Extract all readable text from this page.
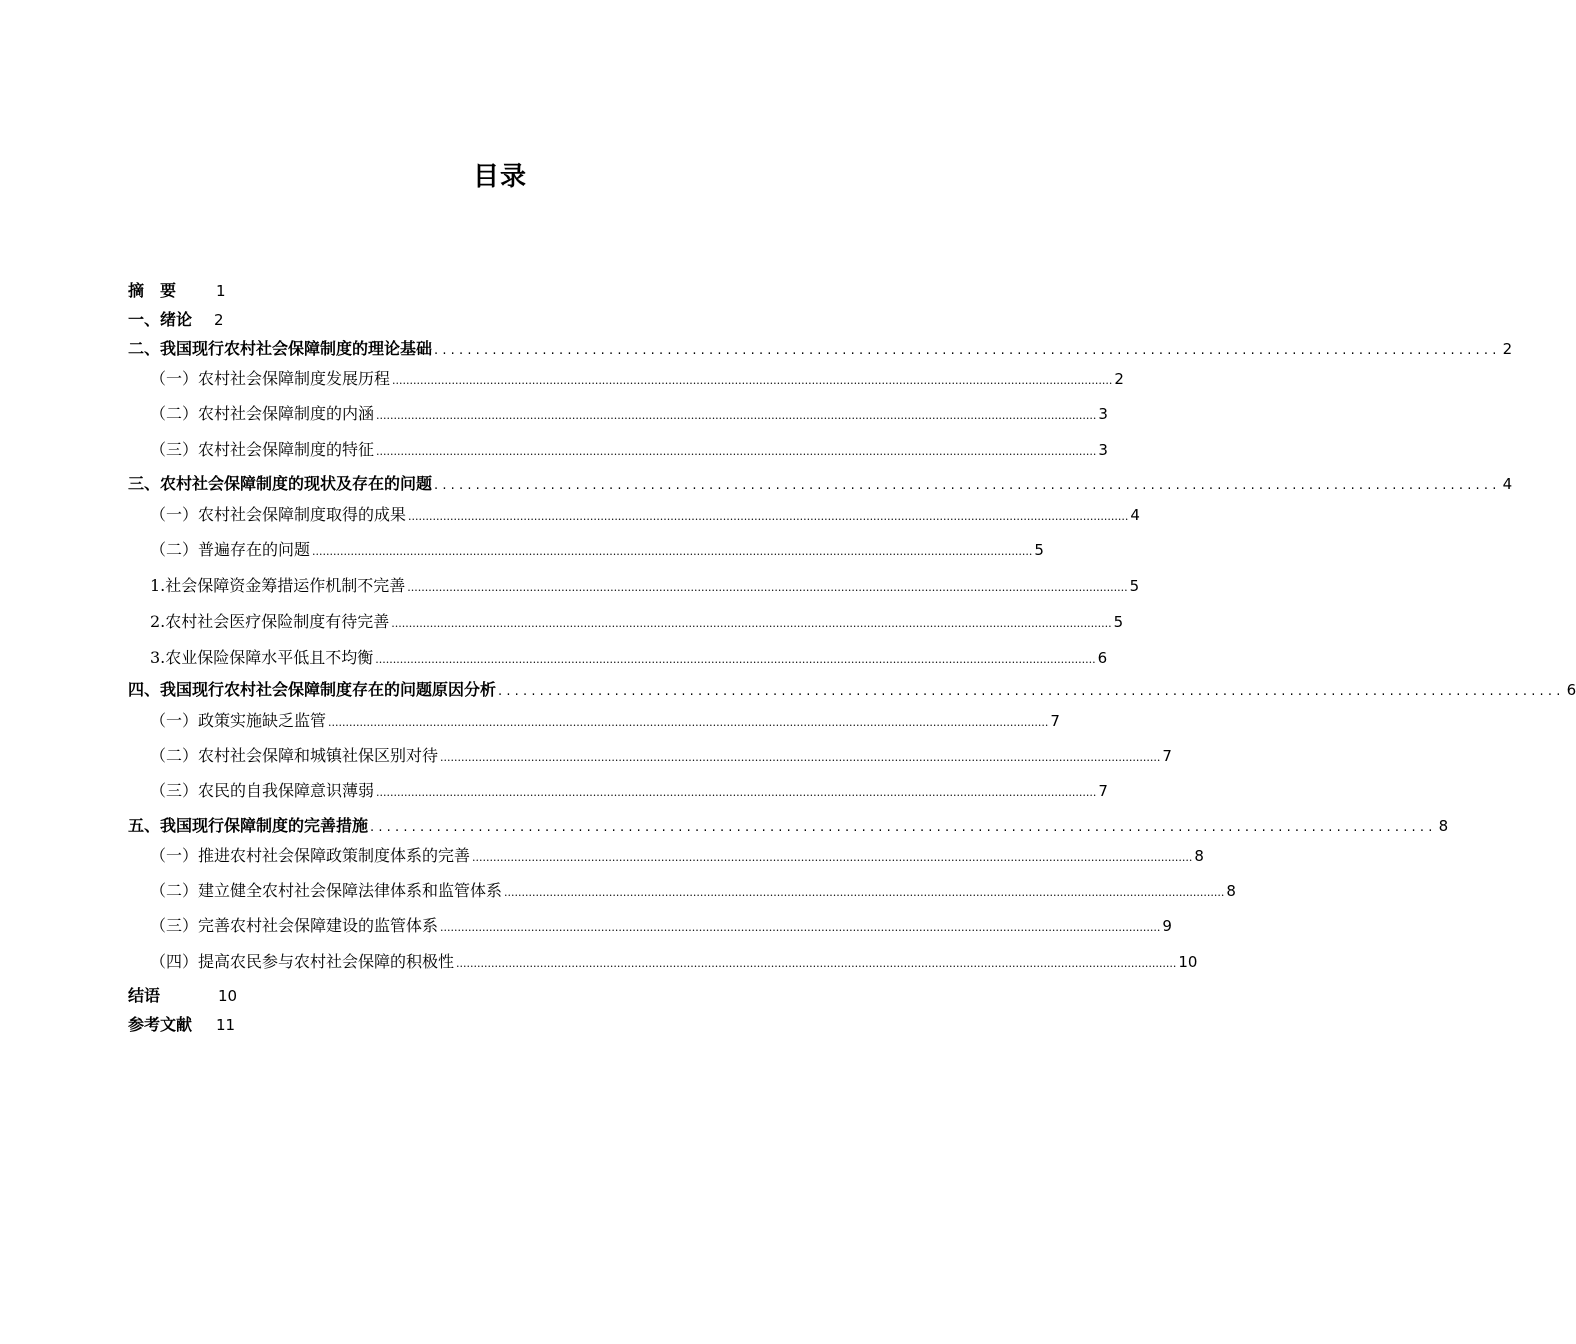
目录
摘　要	1
一、绪论 2
二、我国现行农村社会保障制度的理论基础 ................................................................................................................................ 2
（一）农村社会保障制度发展历程 .............................................................................................................................................................................................................. 2
（二）农村社会保障制度的内涵 .............................................................................................................................................................................................................. 3
（三）农村社会保障制度的特征 .............................................................................................................................................................................................................. 3
三、农村社会保障制度的现状及存在的问题 ................................................................................................................................ 4
（一）农村社会保障制度取得的成果 .............................................................................................................................................................................................................. 4
（二）普遍存在的问题 .............................................................................................................................................................................................................. 5
1.社会保障资金筹措运作机制不完善 .............................................................................................................................................................................................................. 5
2.农村社会医疗保险制度有待完善 .............................................................................................................................................................................................................. 5
3.农业保险保障水平低且不均衡 .............................................................................................................................................................................................................. 6
四、我国现行农村社会保障制度存在的问题原因分析 ................................................................................................................................ 6
（一）政策实施缺乏监管 .............................................................................................................................................................................................................. 7
（二）农村社会保障和城镇社保区别对待 .............................................................................................................................................................................................................. 7
（三）农民的自我保障意识薄弱 .............................................................................................................................................................................................................. 7
五、我国现行保障制度的完善措施 ................................................................................................................................ 8
（一）推进农村社会保障政策制度体系的完善 .............................................................................................................................................................................................................. 8
（二）建立健全农村社会保障法律体系和监管体系 .............................................................................................................................................................................................................. 8
（三）完善农村社会保障建设的监管体系 .............................................................................................................................................................................................................. 9
（四）提高农民参与农村社会保障的积极性 .............................................................................................................................................................................................................. 10
结语	10
参考文献 11
